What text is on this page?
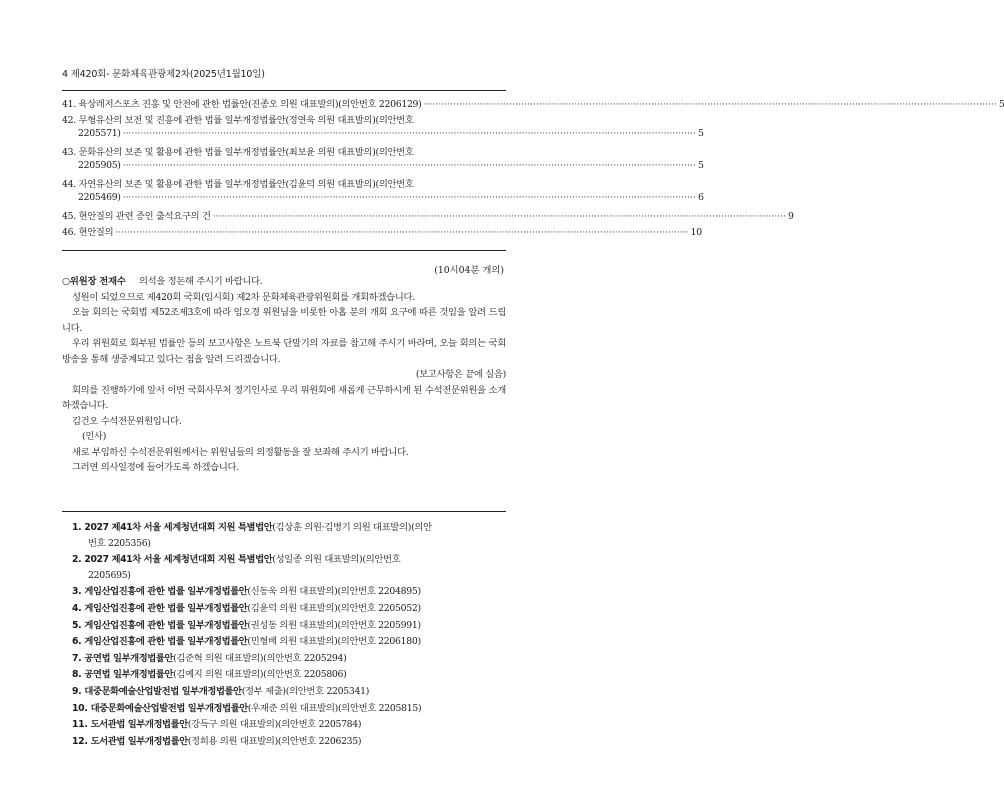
4 제420회- 문화체육관광제2차(2025년1월10일)
41. 육상레저스포츠 진흥 및 안전에 관한 법률안(진종오 의원 대표발의)(의안번호 2206129) ·····	5
42. 무형유산의 보전 및 진흥에 관한 법률 일부개정법률안(정연욱 의원 대표발의)(의안번호
2205571) ·····	5
43. 문화유산의 보존 및 활용에 관한 법률 일부개정법률안(최보윤 의원 대표발의)(의안번호
2205905) ·····	5
44. 자연유산의 보존 및 활용에 관한 법률 일부개정법률안(김윤덕 의원 대표발의)(의안번호
2205469) ·····	6
45. 현안질의 관련 증인 출석요구의 건 ·····	9
46. 현안질의 ·····	10
(10시04분 개의)

○위원장 전재수 의석을 정돈해 주시기 바랍니다.

성원이 되었으므로 제420회 국회(임시회) 제2차 문화체육관광위원회를 개회하겠습니다.

오늘 회의는 국회법 제52조제3호에 따라 임오경 위원님을 비롯한 아홉 분의 개회 요구에 따른 것임을 알려 드립니다.

우리 위원회로 회부된 법률안 등의 보고사항은 노트북 단말기의 자료를 참고해 주시기 바라며, 오늘 회의는 국회방송을 통해 생중계되고 있다는 점을 알려 드리겠습니다.

(보고사항은 끝에 실음)

회의를 진행하기에 앞서 이번 국회사무처 정기인사로 우리 위원회에 새롭게 근무하시게 된 수석전문위원을 소개하겠습니다.

김건오 수석전문위원입니다.

(인사)

새로 부임하신 수석전문위원께서는 위원님들의 의정활동을 잘 보좌해 주시기 바랍니다.

그러면 의사일정에 들어가도록 하겠습니다.

1. 2027 제41차 서울 세계청년대회 지원 특별법안(김상훈 의원·김병기 의원 대표발의)(의안
번호 2205356)
2. 2027 제41차 서울 세계청년대회 지원 특별법안(성일종 의원 대표발의)(의안번호
2205695)
3. 게임산업진흥에 관한 법률 일부개정법률안(신동욱 의원 대표발의)(의안번호 2204895)
4. 게임산업진흥에 관한 법률 일부개정법률안(김윤덕 의원 대표발의)(의안번호 2205052)
5. 게임산업진흥에 관한 법률 일부개정법률안(권성동 의원 대표발의)(의안번호 2205991)
6. 게임산업진흥에 관한 법률 일부개정법률안(민형배 의원 대표발의)(의안번호 2206180)
7. 공연법 일부개정법률안(김준혁 의원 대표발의)(의안번호 2205294)
8. 공연법 일부개정법률안(김예지 의원 대표발의)(의안번호 2205806)
9. 대중문화예술산업발전법 일부개정법률안(정부 제출)(의안번호 2205341)
10. 대중문화예술산업발전법 일부개정법률안(우재준 의원 대표발의)(의안번호 2205815)
11. 도서관법 일부개정법률안(강득구 의원 대표발의)(의안번호 2205784)
12. 도서관법 일부개정법률안(정희용 의원 대표발의)(의안번호 2206235)
